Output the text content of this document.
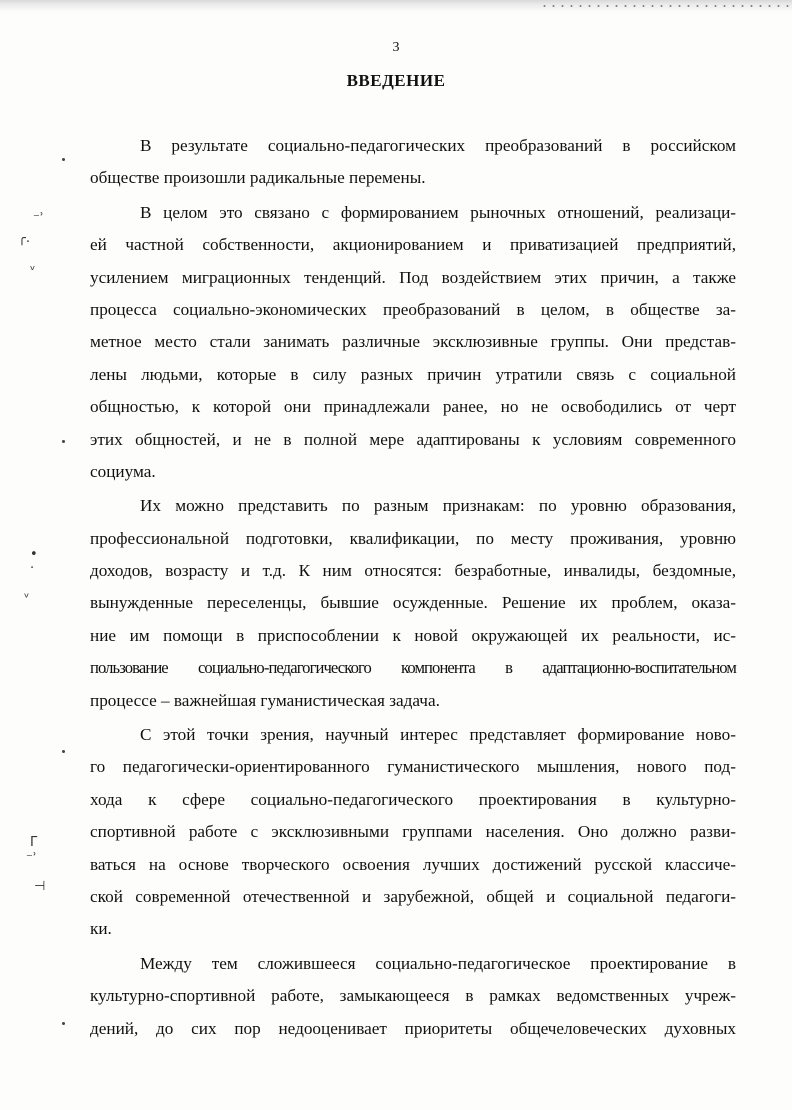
3
ВВЕДЕНИЕ
В результате социально-педагогических преобразований в российском
обществе произошли радикальные перемены.
В целом это связано с формированием рыночных отношений, реализаци-
ей частной собственности, акционированием и приватизацией предприятий,
усилением миграционных тенденций. Под воздействием этих причин, а также
процесса социально-экономических преобразований в целом, в обществе за-
метное место стали занимать различные эксклюзивные группы. Они представ-
лены людьми, которые в силу разных причин утратили связь с социальной
общностью, к которой они принадлежали ранее, но не освободились от черт
этих общностей, и не в полной мере адаптированы к условиям современного
социума.
Их можно представить по разным признакам: по уровню образования,
профессиональной подготовки, квалификации, по месту проживания, уровню
доходов, возрасту и т.д. К ним относятся: безработные, инвалиды, бездомные,
вынужденные переселенцы, бывшие осужденные. Решение их проблем, оказа-
ние им помощи в приспособлении к новой окружающей их реальности, ис-
пользование социально-педагогического компонента в адаптационно-воспитательном
процессе – важнейшая гуманистическая задача.
С этой точки зрения, научный интерес представляет формирование ново-
го педагогически-ориентированного гуманистического мышления, нового под-
хода к сфере социально-педагогического проектирования в культурно-
спортивной работе с эксклюзивными группами населения. Оно должно разви-
ваться на основе творческого освоения лучших достижений русской классиче-
ской современной отечественной и зарубежной, общей и социальной педагоги-
ки.
Между тем сложившееся социально-педагогическое проектирование в
культурно-спортивной работе, замыкающееся в рамках ведомственных учреж-
дений, до сих пор недооценивает приоритеты общечеловеческих духовных
⁻ʾ
╭.
ᵥ
•
·
ᵛ
Г
⁻ʾ
⊣
